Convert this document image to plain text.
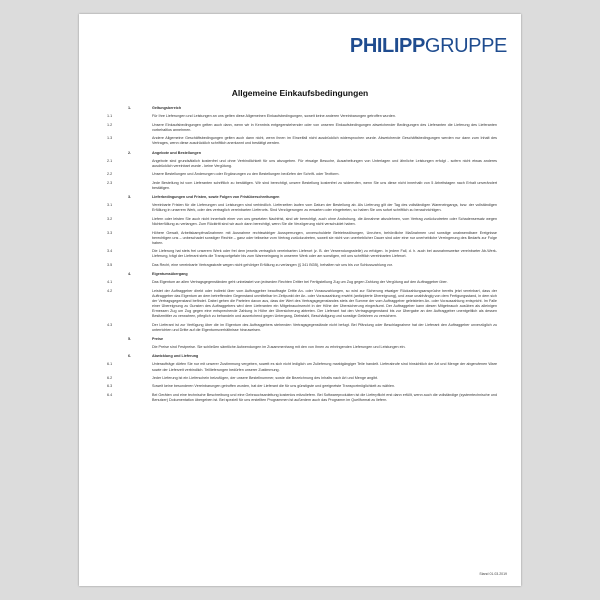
PHILIPPGRUPPE
Allgemeine Einkaufsbedingungen
1.	Geltungsbereich
1.1	Für Ihre Lieferungen und Leistungen an uns gelten diese Allgemeinen Einkaufsbedingungen, soweit keine anderen Vereinbarungen getroffen wurden.
1.2	Unsere Einkaufsbedingungen gelten auch dann, wenn wir in Kenntnis entgegenstehender oder von unseren Einkaufsbedingungen abweichender Bedingungen des Lieferanten die Lieferung des Lieferanten vorbehaltlos annehmen.
1.3	Andere Allgemeine Geschäftsbedingungen gelten auch dann nicht, wenn ihnen im Einzelfall nicht ausdrücklich widersprochen wurde. Abweichende Geschäftsbedingungen werden nur dann zum Inhalt des Vertrages, wenn diese ausdrücklich schriftlich anerkannt und bestätigt werden.
2.	Angebote und Bestellungen
2.1	Angebote sind grundsätzlich kostenfrei und ohne Verbindlichkeit für uns abzugeben. Für etwaige Besuche, Ausarbeitungen von Unterlagen und ähnliche Leistungen erfolgt - sofern nicht etwas anderes ausdrücklich vereinbart wurde - keine Vergütung.
2.2	Unsere Bestellungen und Änderungen oder Ergänzungen zu den Bestellungen bedürfen der Schrift- oder Textform.
2.3	Jede Bestellung ist vom Lieferanten schriftlich zu bestätigen. Wir sind berechtigt, unsere Bestellung kostenfrei zu widerrufen, wenn Sie uns diese nicht innerhalb von 5 Arbeitstagen nach Erhalt unverändert bestätigen.
3.	Lieferbedingungen und Fristen, sowie Folgen von Fristüberschreitungen
3.1	Vereinbarte Fristen für die Lieferungen und Leistungen sind verbindlich. Lieferzeiten laufen vom Datum der Bestellung ab. Als Lieferung gilt der Tag des vollständigen Wareneingangs, bzw. der vollständigen Erfüllung in unserem Werk, oder des vertraglich vereinbarten Lieferorts. Sind Verzögerungen zu erwarten oder eingetreten, so haben Sie uns sofort schriftlich zu benachrichtigen.
3.2	Liefern oder leisten Sie auch nicht innerhalb einer von uns gesetzten Nachfrist, sind wir berechtigt, auch ohne Androhung, die Annahme abzulehnen, vom Vertrag zurückzutreten oder Schadensersatz wegen Nichterfüllung zu verlangen. Zum Rücktritt sind wir auch dann berechtigt, wenn Sie die Verzögerung nicht verschuldet haben.
3.3	Höhere Gewalt, Arbeitskampfmaßnahmen mit Ausnahme rechtswidriger Aussperrungen, unverschuldete Betriebsstörungen, Unruhen, behördliche Maßnahmen und sonstige unabwendbare Ereignisse berechtigen uns – unbeschadet sonstiger Rechte – ganz oder teilweise vom Vertrag zurückzutreten, soweit sie nicht von unerheblicher Dauer sind oder eine nur unerhebliche Verringerung des Bedarfs zur Folge haben.
3.4	Die Lieferung hat stets frei unserem Werk oder frei dem jeweils vertraglich vereinbarten Lieferort (z. B. der Verwendungsstelle) zu erfolgen. In jedem Fall, d. h. auch bei ausnahmsweise vereinbarter Ab-Werk-Lieferung, trägt der Lieferant stets die Transportgefahr bis zum Wareneingang in unserem Werk oder am sonstigen, mit uns schriftlich vereinbarten Lieferort.
3.5	Das Recht, eine vereinbarte Vertragsstrafe wegen nicht gehöriger Erfüllung zu verlangen (§ 341 BGB), behalten wir uns bis zur Schlusszahlung vor.
4.	Eigentumsübergang
4.1	Das Eigentum an allen Vertragsgegenständen geht unbelastet von jedweden Rechten Dritter bei Fertigstellung Zug um Zug gegen Zahlung der Vergütung auf den Auftraggeber über.
4.2	Leistet der Auftraggeber direkt oder indirekt über vom Auftraggeber beauftragte Dritte An- oder Vorauszahlungen, so wird zur Sicherung etwaiger Rückzahlungsansprüche bereits jetzt vereinbart, dass der Auftraggeber das Eigentum an dem betreffenden Gegenstand unmittelbar im Zeitpunkt der An- oder Vorauszahlung erwirbt (antizipierte Übereignung), und zwar unabhängig von dem Fertigungsstand, in dem sich der Vertragsgegenstand befindet. Dabei gehen die Parteien davon aus, dass der Wert des Vertragsgegenstandes stets der Summe der vom Auftraggeber geleisteten An- oder Vorauszahlung entspricht. Im Falle einer Übereignung zu Gunsten des Auftraggebers wird dem Lieferanten ein Mitgebrauchsrecht in der Höhe der Übersicherung eingeräumt. Der Auftraggeber kann diesen Mitgebrauch ausüben als alleinigen Ermessen Zug um Zug gegen eine entsprechende Zahlung in Höhe der Übersicherung abtreten. Der Lieferant hat den Vertragsgegenstand bis zur Übergabe an den Auftraggeber unentgeltlich als dessen Besitzmittler zu verwahren, pfleglich zu behandeln und ausreichend gegen Untergang, Diebstahl, Beschädigung und sonstige Gefahren zu versichern.
4.3	Der Lieferant ist zur Verfügung über die im Eigentum des Auftraggebers stehenden Vertragsgegenstände nicht befugt. Bei Pfändung oder Beschlagnahme hat der Lieferant den Auftraggeber unverzüglich zu unterrichten und Dritte auf die Eigentumsverhältnisse hinzuweisen.
5.	Preise
Die Preise sind Festpreise. Sie schließen sämtliche Aufwendungen im Zusammenhang mit den von Ihnen zu erbringenden Lieferungen und Leistungen ein.
6.	Abwicklung und Lieferung
6.1	Unteraufträge dürfen Sie nur mit unserer Zustimmung vergeben, soweit es sich nicht lediglich um Zulieferung marktgängiger Teile handelt. Lieferabrufe sind hinsichtlich der Art und Menge der abgerufenen Ware sowie der Lieferzeit verbindlich. Teillieferungen bedürfen unserer Zustimmung.
6.2	Jeder Lieferung ist ein Lieferschein beizufügen, der unsere Bestellnummer, sowie die Bezeichnung des Inhalts nach Art und Menge angibt.
6.3	Soweit keine besonderen Vereinbarungen getroffen wurden, hat der Lieferant die für uns günstigste und geeignetste Transportmöglichkeit zu wählen.
6.4	Bei Geräten und eine technische Beschreibung und eine Gebrauchsanleitung kostenlos mitzuliefern. Bei Softwareprodukten ist die Lieferpflicht erst dann erfüllt, wenn auch die vollständige (systemtechnische und Benutzer) Dokumentation übergeben ist. Bei speziell für uns erstellten Programmen ist außerdem auch das Programm im Quellformat zu liefern.
Stand 01.03.2019
